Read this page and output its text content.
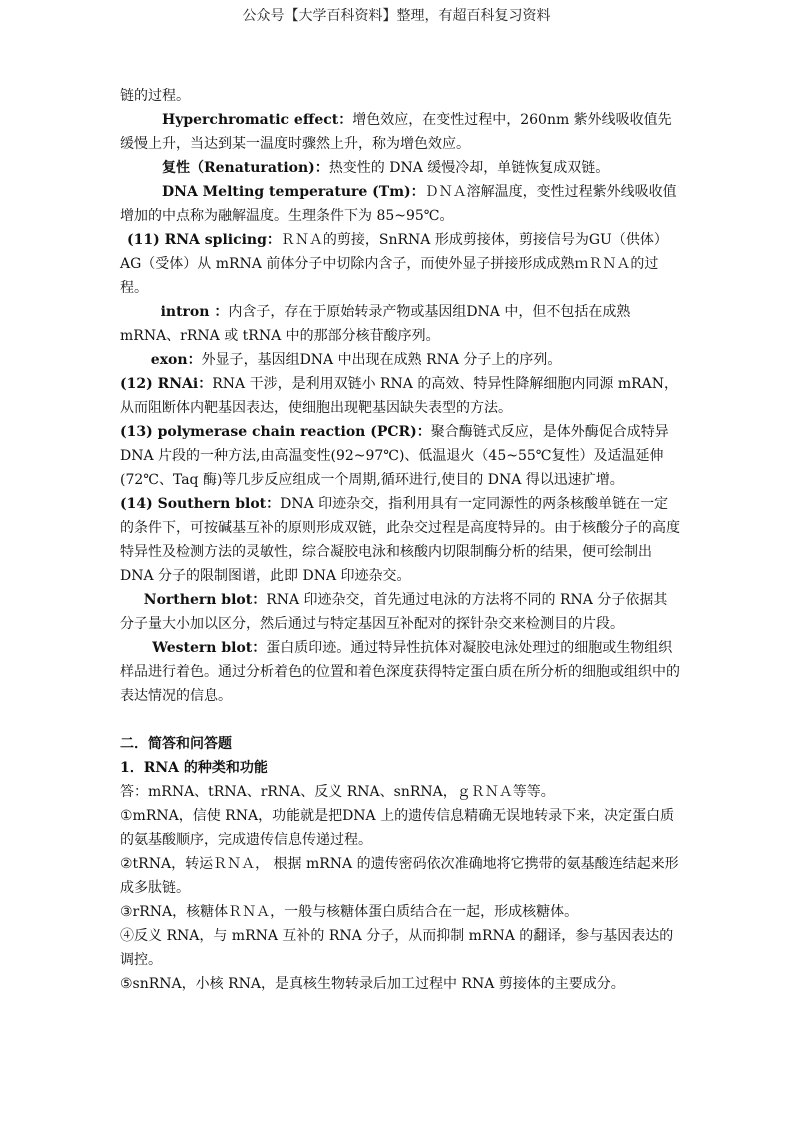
公众号【大学百科资料】整理，有超百科复习资料

链的过程。

Hyperchromatic effect：增色效应，在变性过程中，260nm 紫外线吸收值先缓慢上升，当达到某一温度时骤然上升，称为增色效应。

复性（Renaturation)：热变性的 DNA 缓慢冷却，单链恢复成双链。

DNA Melting temperature (Tm)：ＤＮＡ溶解温度，变性过程紫外线吸收值增加的中点称为融解温度。生理条件下为 85~95℃。

(11) RNA splicing：ＲＮＡ的剪接，SnRNA 形成剪接体，剪接信号为GU（供体）AG（受体）从 mRNA 前体分子中切除内含子，而使外显子拼接形成成熟ｍＲＮＡ的过程。

intron ：内含子，存在于原始转录产物或基因组DNA 中，但不包括在成熟 mRNA、rRNA 或 tRNA 中的那部分核苷酸序列。

exon：外显子，基因组DNA 中出现在成熟 RNA 分子上的序列。

(12) RNAi：RNA 干涉，是利用双链小 RNA 的高效、特异性降解细胞内同源 mRAN，从而阻断体内靶基因表达，使细胞出现靶基因缺失表型的方法。

(13) polymerase chain reaction (PCR)：聚合酶链式反应，是体外酶促合成特异 DNA 片段的一种方法,由高温变性(92~97℃)、低温退火（45~55℃复性）及适温延伸(72℃、Taq 酶)等几步反应组成一个周期,循环进行,使目的 DNA 得以迅速扩增。

(14) Southern blot：DNA 印迹杂交，指利用具有一定同源性的两条核酸单链在一定的条件下，可按碱基互补的原则形成双链，此杂交过程是高度特异的。由于核酸分子的高度特异性及检测方法的灵敏性，综合凝胶电泳和核酸内切限制酶分析的结果，便可绘制出 DNA 分子的限制图谱，此即 DNA 印迹杂交。

Northern blot：RNA 印迹杂交，首先通过电泳的方法将不同的 RNA 分子依据其分子量大小加以区分，然后通过与特定基因互补配对的探针杂交来检测目的片段。

Western blot：蛋白质印迹。通过特异性抗体对凝胶电泳处理过的细胞或生物组织样品进行着色。通过分析着色的位置和着色深度获得特定蛋白质在所分析的细胞或组织中的表达情况的信息。

二．简答和问答题

1．RNA 的种类和功能

答：mRNA、tRNA、rRNA、反义 RNA、snRNA，ｇＲＮＡ等等。

①mRNA，信使 RNA，功能就是把DNA 上的遗传信息精确无误地转录下来，决定蛋白质的氨基酸顺序，完成遗传信息传递过程。

②tRNA，转运ＲＮＡ， 根据 mRNA 的遗传密码依次准确地将它携带的氨基酸连结起来形成多肽链。

③rRNA，核糖体ＲＮＡ，一般与核糖体蛋白质结合在一起，形成核糖体。

④反义 RNA，与 mRNA 互补的 RNA 分子，从而抑制 mRNA 的翻译，参与基因表达的调控。

⑤snRNA，小核 RNA，是真核生物转录后加工过程中 RNA 剪接体的主要成分。
